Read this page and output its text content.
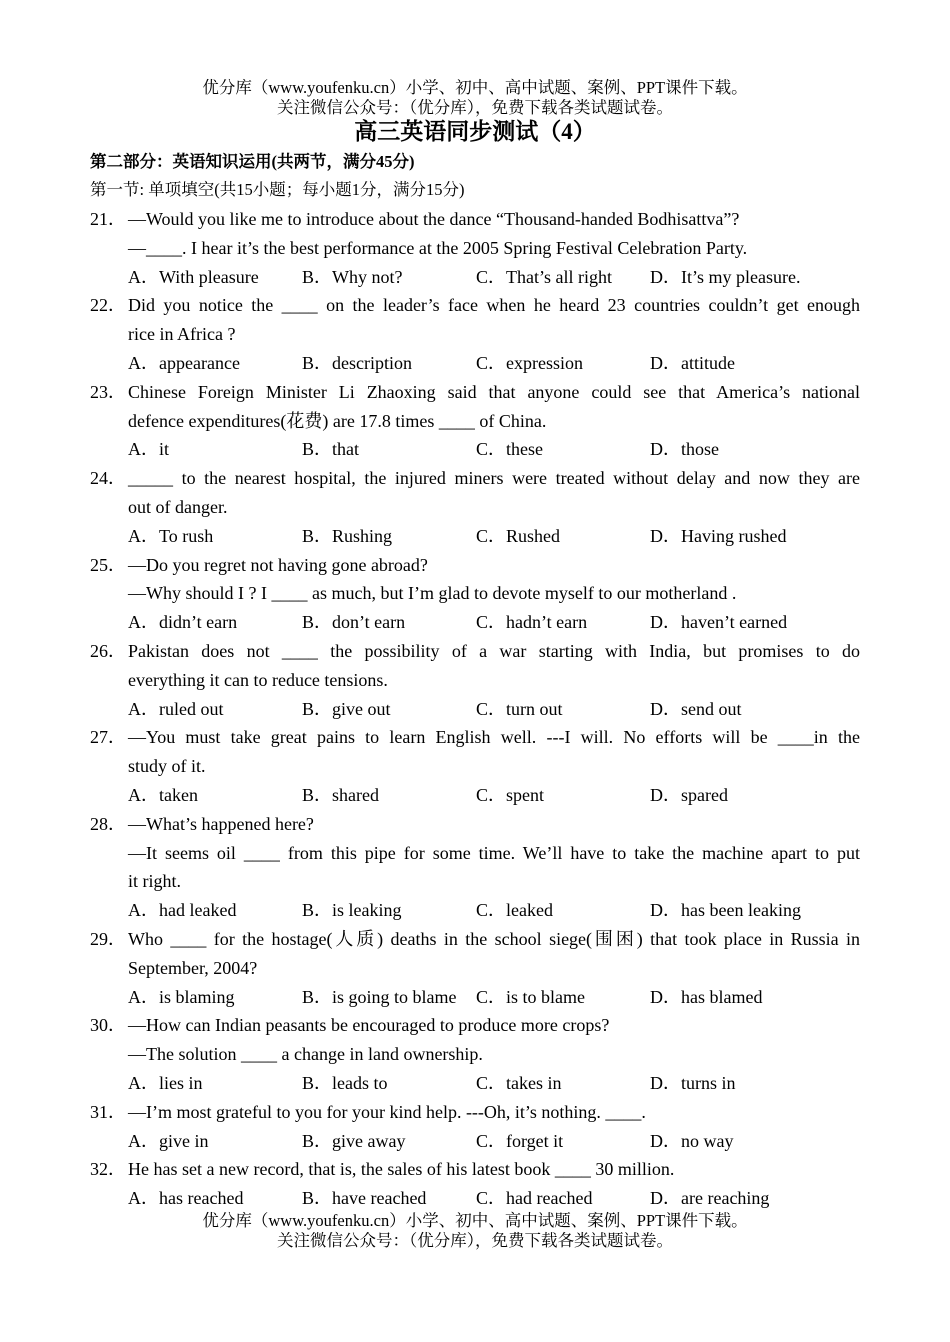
优分库（www.youfenku.cn）小学、初中、高中试题、案例、PPT课件下载。
关注微信公众号：（优分库），免费下载各类试题试卷。
高三英语同步测试（4）
第二部分：英语知识运用(共两节，满分45分)
第一节: 单项填空(共15小题；每小题1分，满分15分)
21． —Would you like me to introduce about the dance “Thousand-handed Bodhisattva”?
—____. I hear it’s the best performance at the 2005 Spring Festival Celebration Party.
A．With pleasure B．Why not?	C．That’s all right D．It’s my pleasure.
22． Did you notice the ____ on the leader’s face when he heard 23 countries couldn’t get enough
rice in Africa ?
A．appearance	B．description	C．expression	D．attitude
23． Chinese Foreign Minister Li Zhaoxing said that anyone could see that America’s national
defence expenditures(花费) are 17.8 times ____ of China.
A．it	B．that	C．these	D．those
24． _____ to the nearest hospital, the injured miners were treated without delay and now they are
out of danger.
A．To rush	B．Rushing	C．Rushed	D．Having rushed
25． —Do you regret not having gone abroad?
—Why should I ? I ____ as much, but I’m glad to devote myself to our motherland .
A．didn’t earn	B．don’t earn	C．hadn’t earn	D．haven’t earned
26． Pakistan does not ____ the possibility of a war starting with India, but promises to do
everything it can to reduce tensions.
A．ruled out	B．give out	C．turn out	D．send out
27． —You must take great pains to learn English well. ---I will. No efforts will be ____in the
study of it.
A．taken	B．shared	C．spent	D．spared
28． —What’s happened here?
—It seems oil ____ from this pipe for some time. We’ll have to take the machine apart to put
it right.
A．had leaked	B．is leaking	C．leaked	D．has been leaking
29． Who ____ for the hostage(人质) deaths in the school siege(围困) that took place in Russia in
September, 2004?
A．is blaming	B．is going to blame C．is to blame	D．has blamed
30． —How can Indian peasants be encouraged to produce more crops?
—The solution ____ a change in land ownership.
A．lies in	B．leads to	C．takes in	D．turns in
31． —I’m most grateful to you for your kind help. ---Oh, it’s nothing. ____.
A．give in	B．give away	C．forget it	D．no way
32． He has set a new record, that is, the sales of his latest book ____ 30 million.
A．has reached	B．have reached	C．had reached	D．are reaching
优分库（www.youfenku.cn）小学、初中、高中试题、案例、PPT课件下载。
关注微信公众号：（优分库），免费下载各类试题试卷。
